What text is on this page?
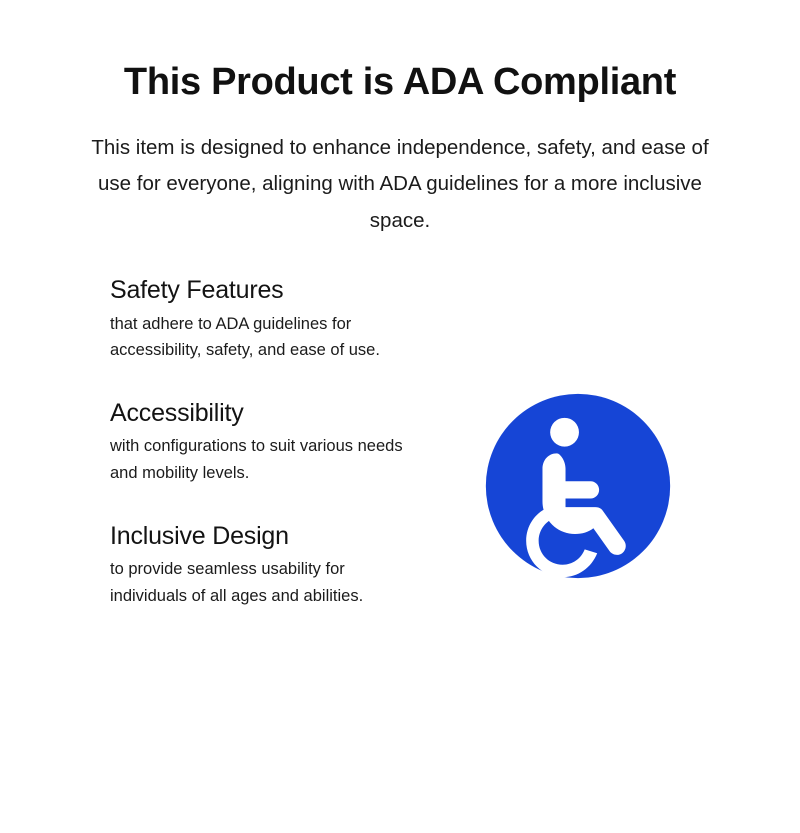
This Product is ADA Compliant

This item is designed to enhance independence, safety, and ease of use for everyone, aligning with ADA guidelines for a more inclusive space.

Safety Features
that adhere to ADA guidelines for accessibility, safety, and ease of use.
Accessibility
with configurations to suit various needs and mobility levels.
Inclusive Design
to provide seamless usability for individuals of all ages and abilities.
